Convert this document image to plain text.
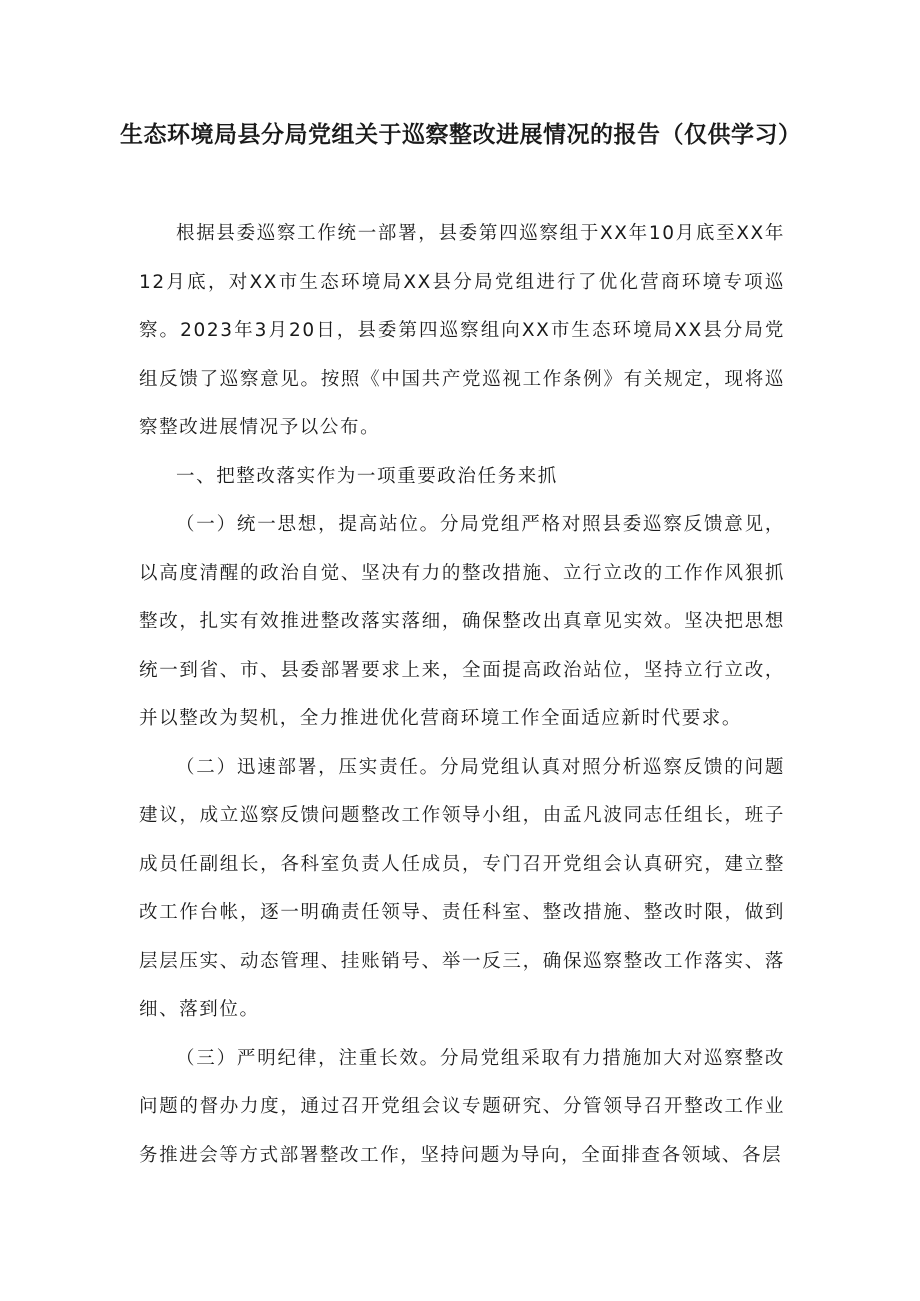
生态环境局县分局党组关于巡察整改进展情况的报告（仅供学习）

根据县委巡察工作统一部署，县委第四巡察组于XX年10月底至XX年12月底，对XX市生态环境局XX县分局党组进行了优化营商环境专项巡察。2023年3月20日，县委第四巡察组向XX市生态环境局XX县分局党组反馈了巡察意见。按照《中国共产党巡视工作条例》有关规定，现将巡察整改进展情况予以公布。

一、把整改落实作为一项重要政治任务来抓

（一）统一思想，提高站位。分局党组严格对照县委巡察反馈意见，以高度清醒的政治自觉、坚决有力的整改措施、立行立改的工作作风狠抓整改，扎实有效推进整改落实落细，确保整改出真章见实效。坚决把思想统一到省、市、县委部署要求上来，全面提高政治站位，坚持立行立改，并以整改为契机，全力推进优化营商环境工作全面适应新时代要求。

（二）迅速部署，压实责任。分局党组认真对照分析巡察反馈的问题建议，成立巡察反馈问题整改工作领导小组，由孟凡波同志任组长，班子成员任副组长，各科室负责人任成员，专门召开党组会认真研究，建立整改工作台帐，逐一明确责任领导、责任科室、整改措施、整改时限，做到层层压实、动态管理、挂账销号、举一反三，确保巡察整改工作落实、落细、落到位。

（三）严明纪律，注重长效。分局党组采取有力措施加大对巡察整改问题的督办力度，通过召开党组会议专题研究、分管领导召开整改工作业务推进会等方式部署整改工作，坚持问题为导向，全面排查各领域、各层
